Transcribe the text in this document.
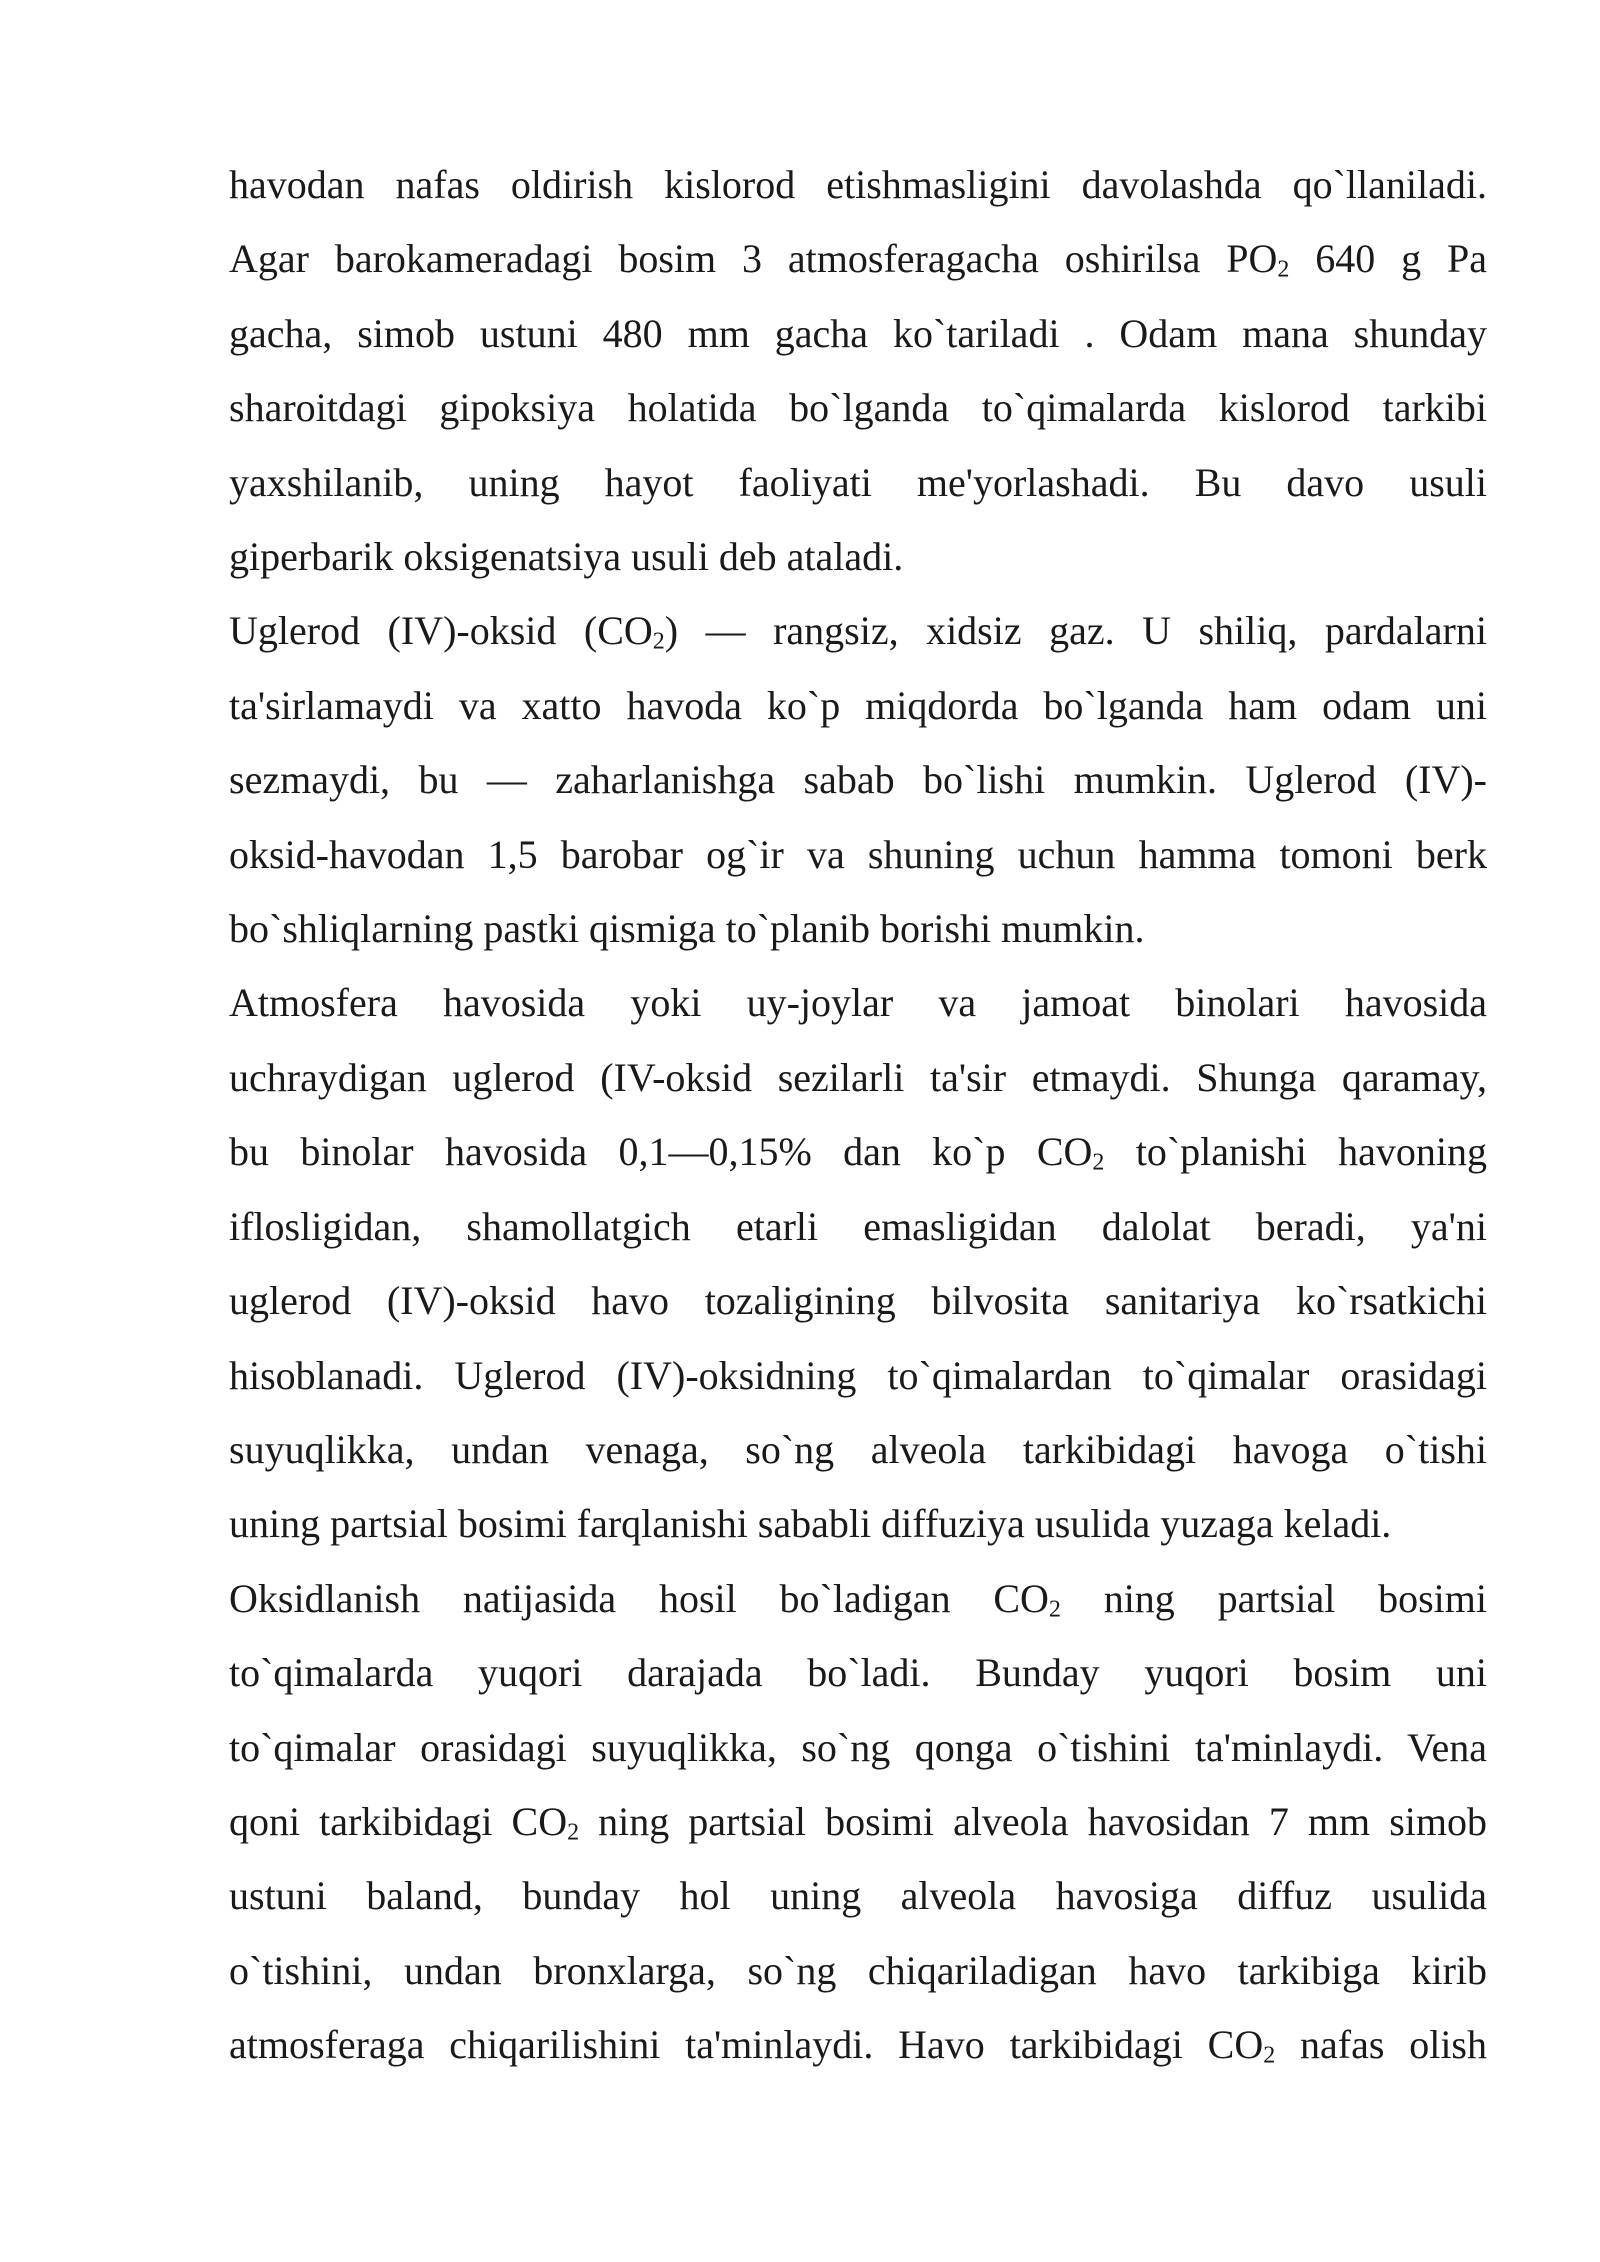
havodan nafas oldirish kislorod etishmasligini davolashda qo`llaniladi.
Agar barokameradagi bosim 3 atmosferagacha oshirilsa $PO_2$ 640 g Pa
gacha, simob ustuni 480 mm gacha ko`tariladi . Odam mana shunday
sharoitdagi gipoksiya holatida bo`lganda to`qimalarda kislorod tarkibi
yaxshilanib, uning hayot faoliyati me'yorlashadi. Bu davo usuli
giperbarik oksigenatsiya usuli deb ataladi.
Uglerod (IV)-oksid $(CO_2)$ — rangsiz, xidsiz gaz. U shiliq, pardalarni
ta'sirlamaydi va xatto havoda ko`p miqdorda bo`lganda ham odam uni
sezmaydi, bu — zaharlanishga sabab bo`lishi mumkin. Uglerod (IV)-
oksid-havodan 1,5 barobar og`ir va shuning uchun hamma tomoni berk
bo`shliqlarning pastki qismiga to`planib borishi mumkin.
Atmosfera havosida yoki uy-joylar va jamoat binolari havosida
uchraydigan uglerod (IV-oksid sezilarli ta'sir etmaydi. Shunga qaramay,
bu binolar havosida 0,1—0,15% dan ko`p $CO_2$ to`planishi havoning
iflosligidan, shamollatgich etarli emasligidan dalolat beradi, ya'ni
uglerod (IV)-oksid havo tozaligining bilvosita sanitariya ko`rsatkichi
hisoblanadi. Uglerod (IV)-oksidning to`qimalardan to`qimalar orasidagi
suyuqlikka, undan venaga, so`ng alveola tarkibidagi havoga o`tishi
uning partsial bosimi farqlanishi sababli diffuziya usulida yuzaga keladi.
Oksidlanish natijasida hosil bo`ladigan $CO_2$ ning partsial bosimi
to`qimalarda yuqori darajada bo`ladi. Bunday yuqori bosim uni
to`qimalar orasidagi suyuqlikka, so`ng qonga o`tishini ta'minlaydi. Vena
qoni tarkibidagi $CO_2$ ning partsial bosimi alveola havosidan 7 mm simob
ustuni baland, bunday hol uning alveola havosiga diffuz usulida
o`tishini, undan bronxlarga, so`ng chiqariladigan havo tarkibiga kirib
atmosferaga chiqarilishini ta'minlaydi. Havo tarkibidagi $CO_2$ nafas olish
